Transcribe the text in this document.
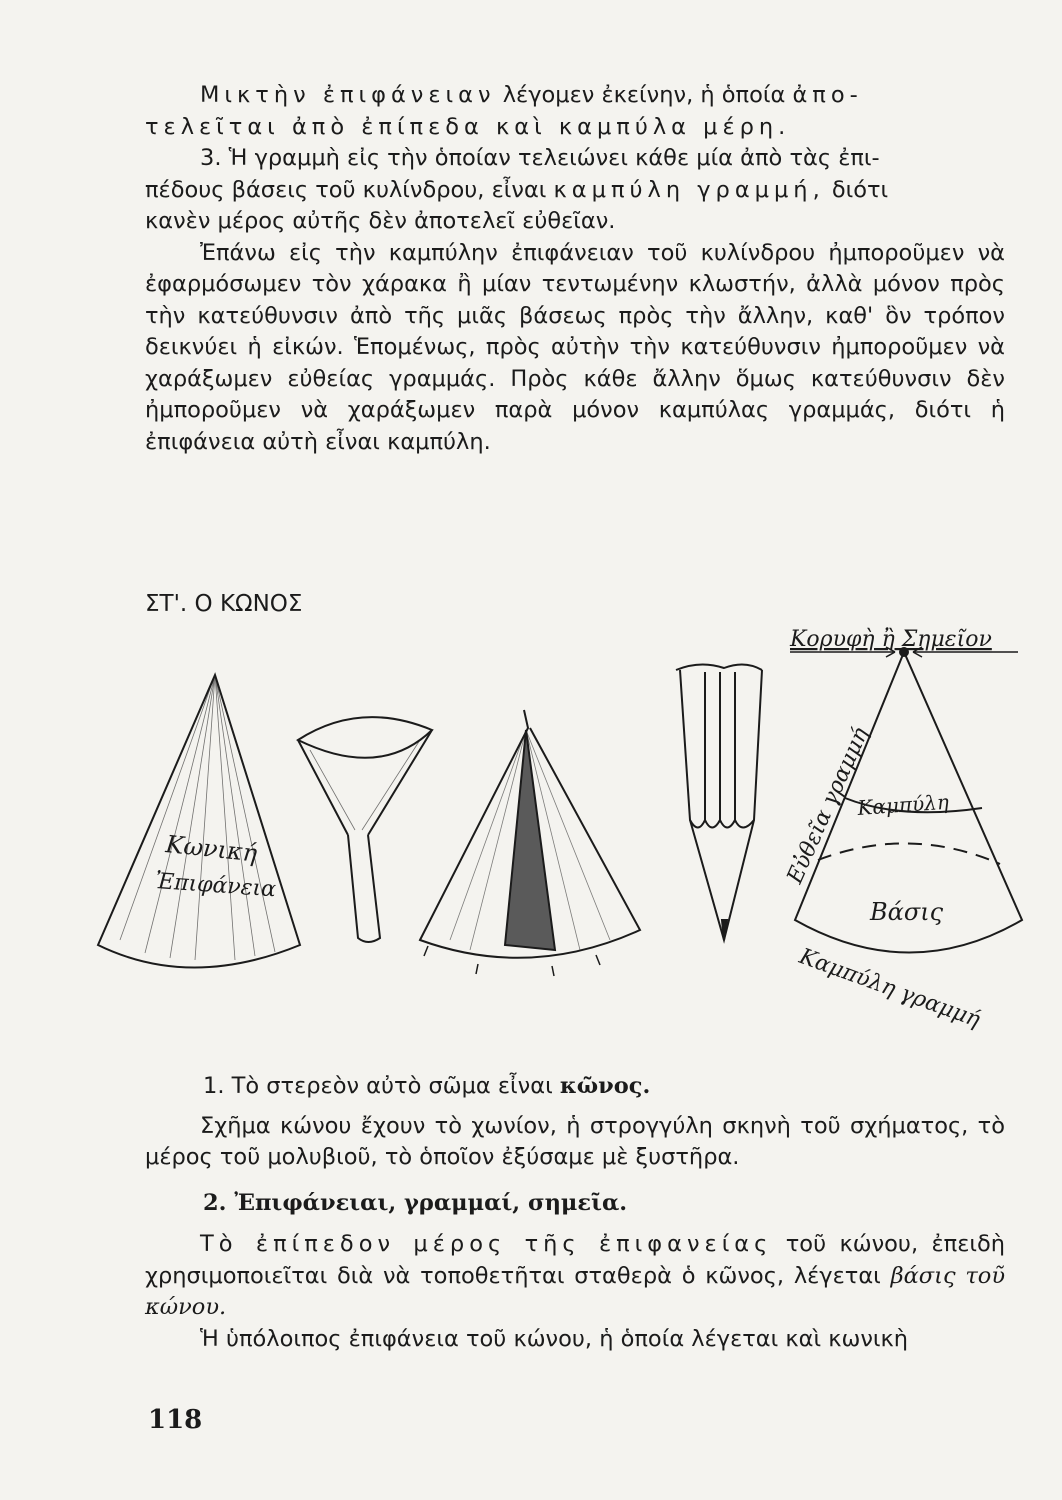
Μικτὴν ἐπιφάνειαν λέγομεν ἐκείνην, ἡ ὁποία ἀπο-

τελεῖται ἀπὸ ἐπίπεδα καὶ καμπύλα μέρη.

3. Ἡ γραμμὴ εἰς τὴν ὁποίαν τελειώνει κάθε μία ἀπὸ τὰς ἐπι-

πέδους βάσεις τοῦ κυλίνδρου, εἶναι καμπύλη γραμμή, διότι

κανὲν μέρος αὐτῆς δὲν ἀποτελεῖ εὐθεῖαν.

Ἐπάνω εἰς τὴν καμπύλην ἐπιφάνειαν τοῦ κυλίνδρου ἠμποροῦμεν νὰ ἐφαρμόσωμεν τὸν χάρακα ἢ μίαν τεντωμένην κλωστήν, ἀλλὰ μόνον πρὸς τὴν κατεύθυνσιν ἀπὸ τῆς μιᾶς βάσεως πρὸς τὴν ἄλλην, καθ' ὃν τρόπον δεικνύει ἡ εἰκών. Ἑπομένως, πρὸς αὐτὴν τὴν κατεύθυνσιν ἠμποροῦμεν νὰ χαράξωμεν εὐθείας γραμμάς. Πρὸς κάθε ἄλλην ὅμως κατεύθυνσιν δὲν ἠμποροῦμεν νὰ χαράξωμεν παρὰ μόνον καμπύλας γραμμάς, διότι ἡ ἐπιφάνεια αὐτὴ εἶναι καμπύλη.

ΣΤ'. Ο ΚΩΝΟΣ
Κωνική
Ἐπιφάνεια
Κορυφὴ ἢ Σημεῖον
Εὐθεῖα γραμμή
Καμπύλη
Βάσις
Καμπύλη γραμμή

1. Τὸ στερεὸν αὐτὸ σῶμα εἶναι κῶνος.

Σχῆμα κώνου ἔχουν τὸ χωνίον, ἡ στρογγύλη σκηνὴ τοῦ σχήματος, τὸ μέρος τοῦ μολυβιοῦ, τὸ ὁποῖον ἐξύσαμε μὲ ξυστῆρα.

2. Ἐπιφάνειαι, γραμμαί, σημεῖα.

Τὸ ἐπίπεδον μέρος τῆς ἐπιφανείας τοῦ κώνου, ἐπειδὴ χρησιμοποιεῖται διὰ νὰ τοποθετῆται σταθερὰ ὁ κῶνος, λέγεται βάσις τοῦ κώνου.

Ἡ ὑπόλοιπος ἐπιφάνεια τοῦ κώνου, ἡ ὁποία λέγεται καὶ κωνικὴ

118
